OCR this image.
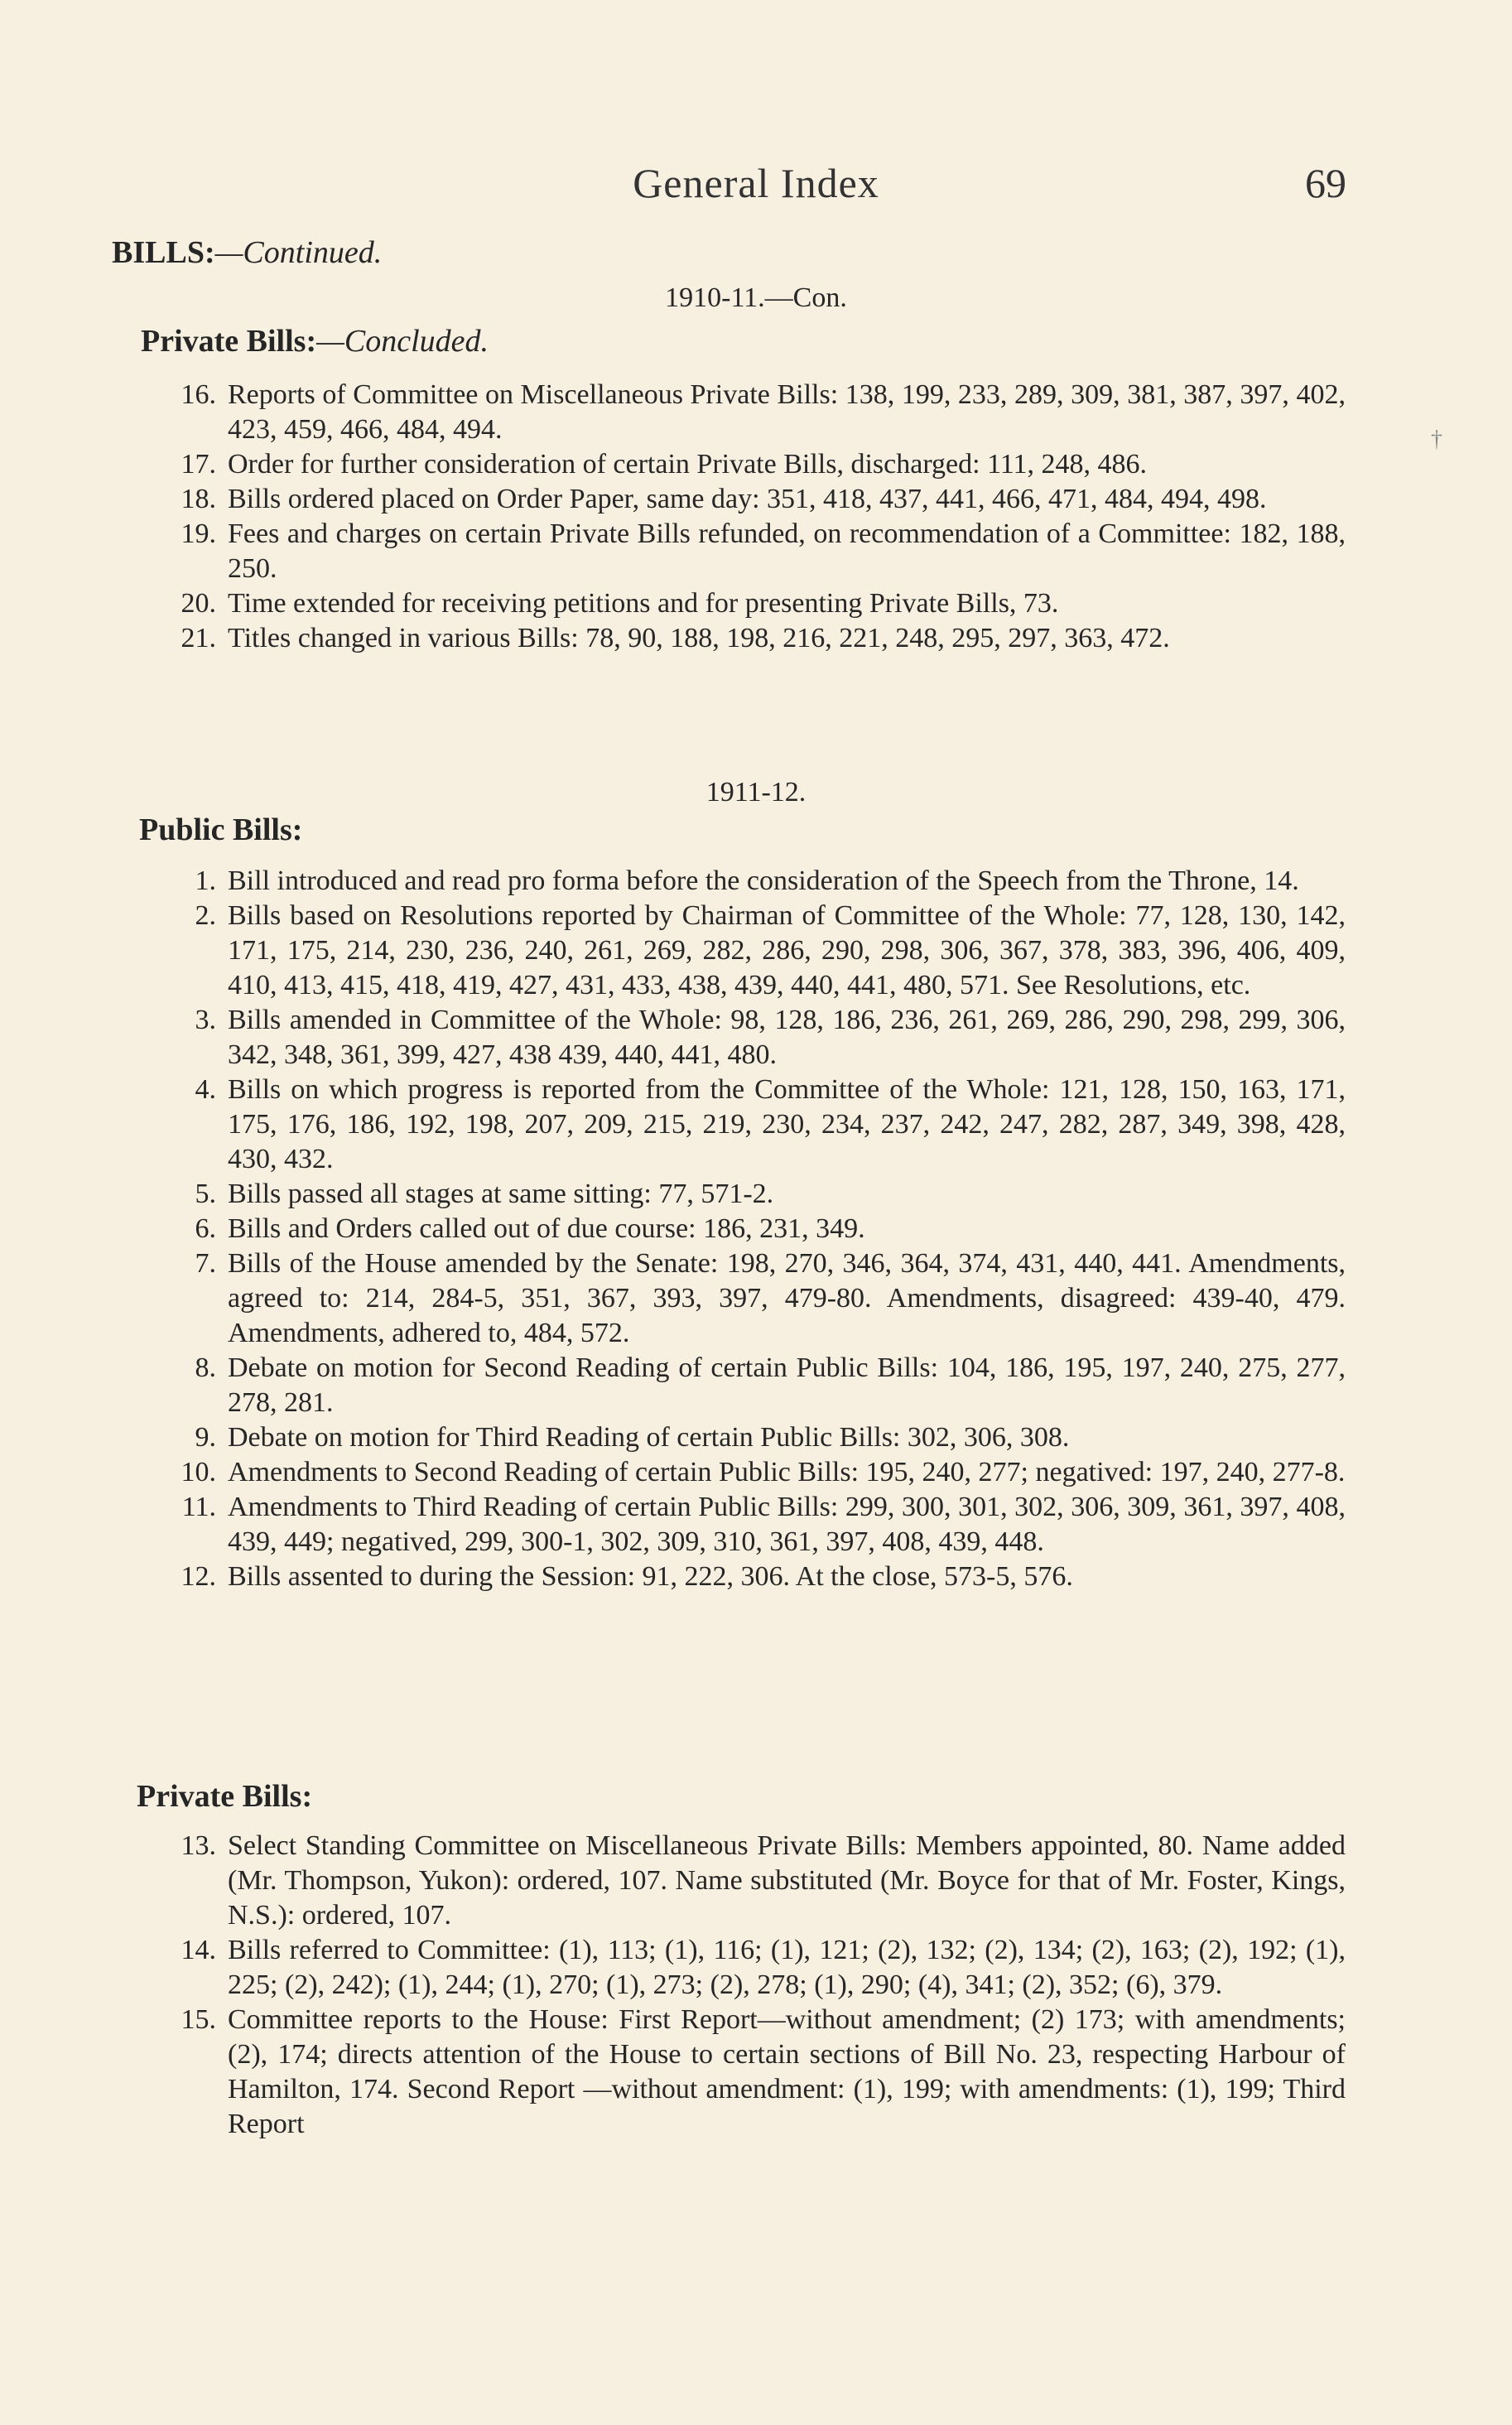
General Index	69
BILLS:—Continued.
1910-11.—Con.
Private Bills:—Concluded.
16. Reports of Committee on Miscellaneous Private Bills: 138, 199, 233, 289, 309, 381, 387, 397, 402, 423, 459, 466, 484, 494.
17. Order for further consideration of certain Private Bills, discharged: 111, 248, 486.
18. Bills ordered placed on Order Paper, same day: 351, 418, 437, 441, 466, 471, 484, 494, 498.
19. Fees and charges on certain Private Bills refunded, on recommendation of a Committee: 182, 188, 250.
20. Time extended for receiving petitions and for presenting Private Bills, 73.
21. Titles changed in various Bills: 78, 90, 188, 198, 216, 221, 248, 295, 297, 363, 472.
1911-12.
Public Bills:
1. Bill introduced and read pro forma before the consideration of the Speech from the Throne, 14.
2. Bills based on Resolutions reported by Chairman of Committee of the Whole: 77, 128, 130, 142, 171, 175, 214, 230, 236, 240, 261, 269, 282, 286, 290, 298, 306, 367, 378, 383, 396, 406, 409, 410, 413, 415, 418, 419, 427, 431, 433, 438, 439, 440, 441, 480, 571. See Resolutions, etc.
3. Bills amended in Committee of the Whole: 98, 128, 186, 236, 261, 269, 286, 290, 298, 299, 306, 342, 348, 361, 399, 427, 438 439, 440, 441, 480.
4. Bills on which progress is reported from the Committee of the Whole: 121, 128, 150, 163, 171, 175, 176, 186, 192, 198, 207, 209, 215, 219, 230, 234, 237, 242, 247, 282, 287, 349, 398, 428, 430, 432.
5. Bills passed all stages at same sitting: 77, 571-2.
6. Bills and Orders called out of due course: 186, 231, 349.
7. Bills of the House amended by the Senate: 198, 270, 346, 364, 374, 431, 440, 441. Amendments, agreed to: 214, 284-5, 351, 367, 393, 397, 479-80. Amendments, disagreed: 439-40, 479. Amendments, adhered to, 484, 572.
8. Debate on motion for Second Reading of certain Public Bills: 104, 186, 195, 197, 240, 275, 277, 278, 281.
9. Debate on motion for Third Reading of certain Public Bills: 302, 306, 308.
10. Amendments to Second Reading of certain Public Bills: 195, 240, 277; negatived: 197, 240, 277-8.
11. Amendments to Third Reading of certain Public Bills: 299, 300, 301, 302, 306, 309, 361, 397, 408, 439, 449; negatived, 299, 300-1, 302, 309, 310, 361, 397, 408, 439, 448.
12. Bills assented to during the Session: 91, 222, 306. At the close, 573-5, 576.
Private Bills:
13. Select Standing Committee on Miscellaneous Private Bills: Members appointed, 80. Name added (Mr. Thompson, Yukon): ordered, 107. Name substituted (Mr. Boyce for that of Mr. Foster, Kings, N.S.): ordered, 107.
14. Bills referred to Committee: (1), 113; (1), 116; (1), 121; (2), 132; (2), 134; (2), 163; (2), 192; (1), 225; (2), 242); (1), 244; (1), 270; (1), 273; (2), 278; (1), 290; (4), 341; (2), 352; (6), 379.
15. Committee reports to the House: First Report—without amendment; (2) 173; with amendments; (2), 174; directs attention of the House to certain sections of Bill No. 23, respecting Harbour of Hamilton, 174. Second Report —without amendment: (1), 199; with amendments: (1), 199; Third Report
†
